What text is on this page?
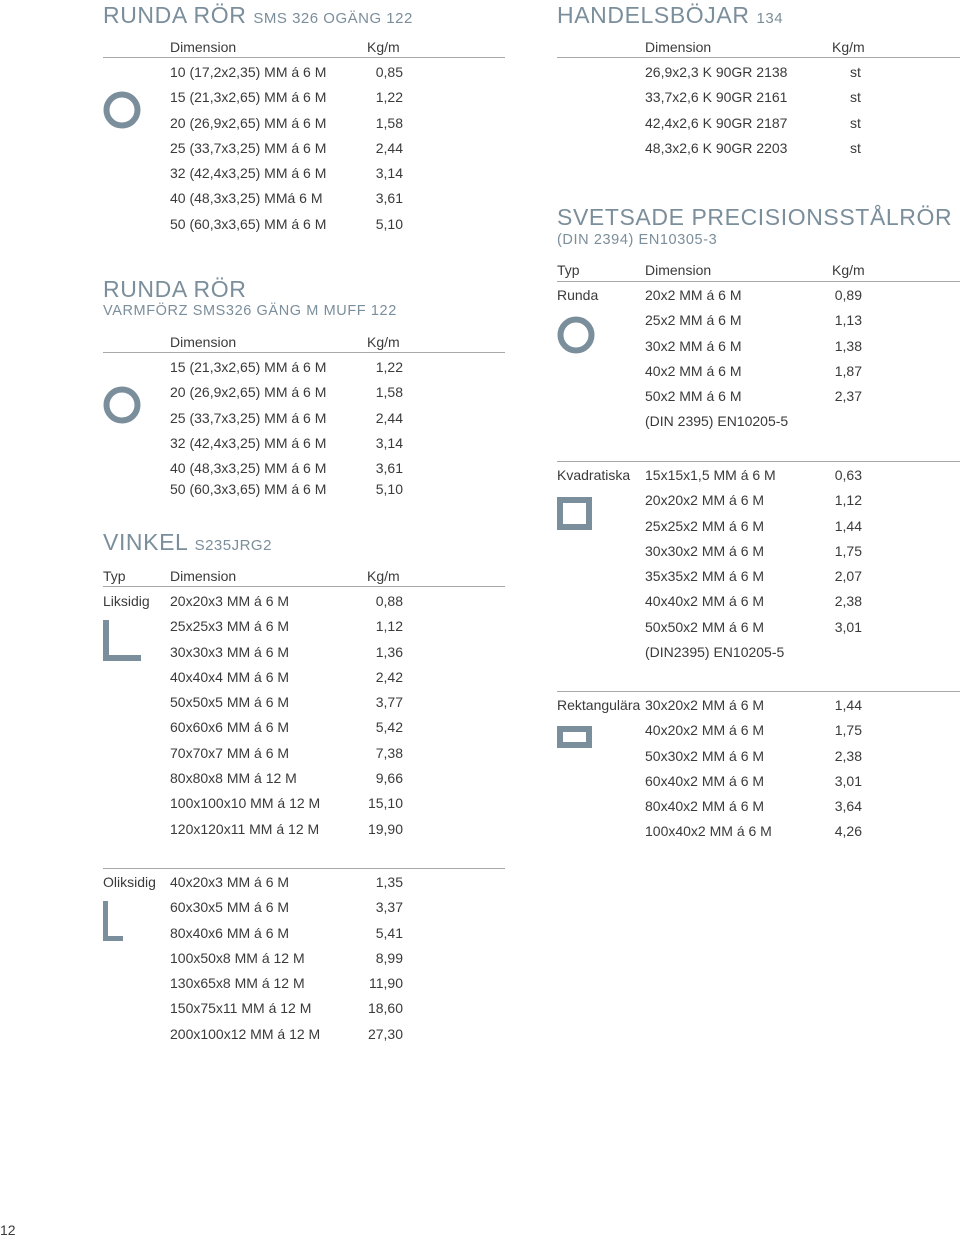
RUNDA RÖR SMS 326 OGÄNG 122
Dimension	Kg/m
10 (17,2x2,35) MM á 6 M	0,85
15 (21,3x2,65) MM á 6 M	1,22
20 (26,9x2,65) MM á 6 M	1,58
25 (33,7x3,25) MM á 6 M	2,44
32 (42,4x3,25) MM á 6 M	3,14
40 (48,3x3,25) MMá 6 M	3,61
50 (60,3x3,65) MM á 6 M	5,10
RUNDA RÖR
VARMFÖRZ SMS326 GÄNG M MUFF 122
Dimension	Kg/m
15 (21,3x2,65) MM á 6 M	1,22
20 (26,9x2,65) MM á 6 M	1,58
25 (33,7x3,25) MM á 6 M	2,44
32 (42,4x3,25) MM á 6 M	3,14
40 (48,3x3,25) MM á 6 M	3,61
50 (60,3x3,65) MM á 6 M	5,10
VINKEL S235JRG2
Typ	Dimension	Kg/m
Liksidig 20x20x3 MM á 6 M	0,88
25x25x3 MM á 6 M	1,12
30x30x3 MM á 6 M	1,36
40x40x4 MM á 6 M	2,42
50x50x5 MM á 6 M	3,77
60x60x6 MM á 6 M	5,42
70x70x7 MM á 6 M	7,38
80x80x8 MM á 12 M	9,66
100x100x10 MM á 12 M	15,10
120x120x11 MM á 12 M	19,90
Oliksidig 40x20x3 MM á 6 M	1,35
60x30x5 MM á 6 M	3,37
80x40x6 MM á 6 M	5,41
100x50x8 MM á 12 M	8,99
130x65x8 MM á 12 M	11,90
150x75x11 MM á 12 M	18,60
200x100x12 MM á 12 M	27,30
HANDELSBÖJAR 134
Dimension	Kg/m
26,9x2,3 K 90GR 2138	st
33,7x2,6 K 90GR 2161	st
42,4x2,6 K 90GR 2187	st
48,3x2,6 K 90GR 2203	st
SVETSADE PRECISIONSSTÅLRÖR
(DIN 2394) EN10305-3
Typ	Dimension	Kg/m
Runda	20x2 MM á 6 M	0,89
25x2 MM á 6 M	1,13
30x2 MM á 6 M	1,38
40x2 MM á 6 M	1,87
50x2 MM á 6 M	2,37
(DIN 2395) EN10205-5
Kvadratiska 15x15x1,5 MM á 6 M	0,63
20x20x2 MM á 6 M	1,12
25x25x2 MM á 6 M	1,44
30x30x2 MM á 6 M	1,75
35x35x2 MM á 6 M	2,07
40x40x2 MM á 6 M	2,38
50x50x2 MM á 6 M	3,01
(DIN2395) EN10205-5
Rektangulära 30x20x2 MM á 6 M	1,44
40x20x2 MM á 6 M	1,75
50x30x2 MM á 6 M	2,38
60x40x2 MM á 6 M	3,01
80x40x2 MM á 6 M	3,64
100x40x2 MM á 6 M	4,26
12
